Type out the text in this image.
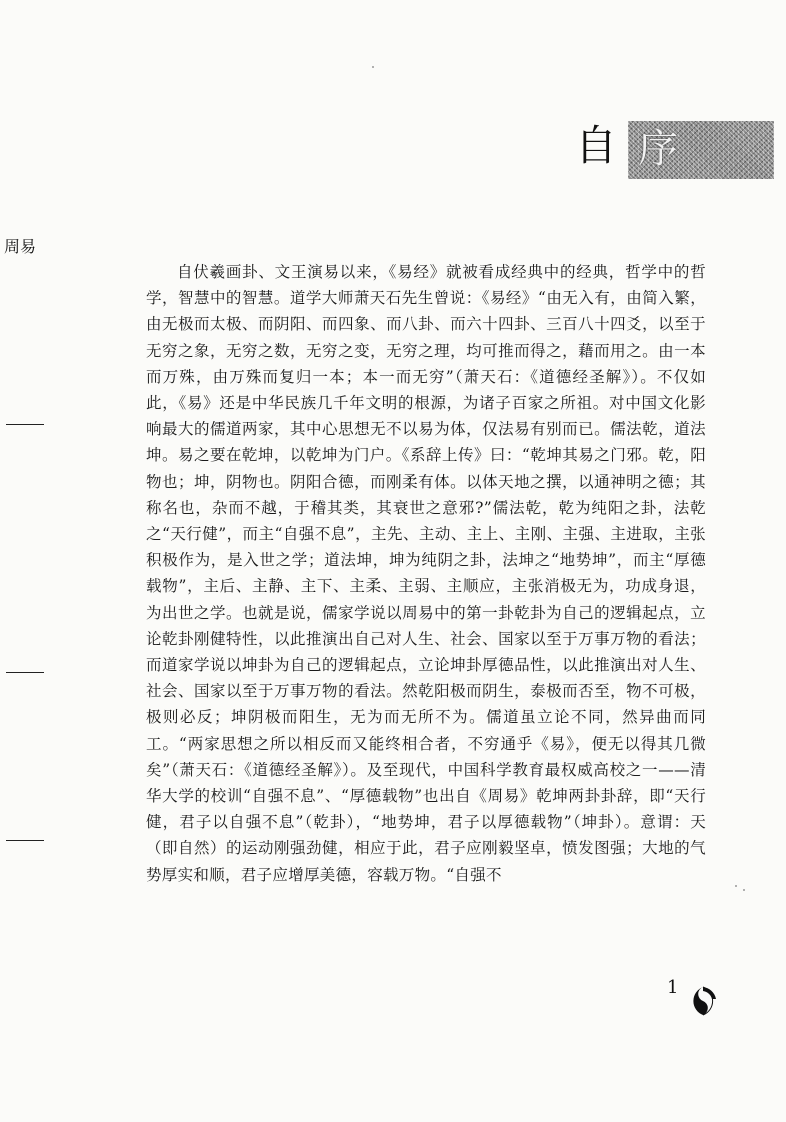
自 序
周易

自伏羲画卦、文王演易以来，《易经》就被看成经典中的经典，哲学中的哲学，智慧中的智慧。道学大师萧天石先生曾说：《易经》“由无入有，由简入繁，由无极而太极、而阴阳、而四象、而八卦、而六十四卦、三百八十四爻，以至于无穷之象，无穷之数，无穷之变，无穷之理，均可推而得之，藉而用之。由一本而万殊，由万殊而复归一本；本一而无穷”（萧天石：《道德经圣解》）。不仅如此，《易》还是中华民族几千年文明的根源，为诸子百家之所祖。对中国文化影响最大的儒道两家，其中心思想无不以易为体，仅法易有别而已。儒法乾，道法坤。易之要在乾坤，以乾坤为门户。《系辞上传》曰：“乾坤其易之门邪。乾，阳物也；坤，阴物也。阴阳合德，而刚柔有体。以体天地之撰，以通神明之德；其称名也，杂而不越，于稽其类，其衰世之意邪?”儒法乾，乾为纯阳之卦，法乾之“天行健”，而主“自强不息”，主先、主动、主上、主刚、主强、主进取，主张积极作为，是入世之学；道法坤，坤为纯阴之卦，法坤之“地势坤”，而主“厚德载物”，主后、主静、主下、主柔、主弱、主顺应，主张消极无为，功成身退，为出世之学。也就是说，儒家学说以周易中的第一卦乾卦为自己的逻辑起点，立论乾卦刚健特性，以此推演出自己对人生、社会、国家以至于万事万物的看法；而道家学说以坤卦为自己的逻辑起点，立论坤卦厚德品性，以此推演出对人生、社会、国家以至于万事万物的看法。然乾阳极而阴生，泰极而否至，物不可极，极则必反；坤阴极而阳生，无为而无所不为。儒道虽立论不同，然异曲而同工。“两家思想之所以相反而又能终相合者，不穷通乎《易》，便无以得其几微矣”（萧天石：《道德经圣解》）。及至现代，中国科学教育最权威高校之一——清华大学的校训“自强不息”、“厚德载物”也出自《周易》乾坤两卦卦辞，即“天行健，君子以自强不息”（乾卦），“地势坤，君子以厚德载物”（坤卦）。意谓：天（即自然）的运动刚强劲健，相应于此，君子应刚毅坚卓，愤发图强；大地的气势厚实和顺，君子应增厚美德，容载万物。“自强不

1
